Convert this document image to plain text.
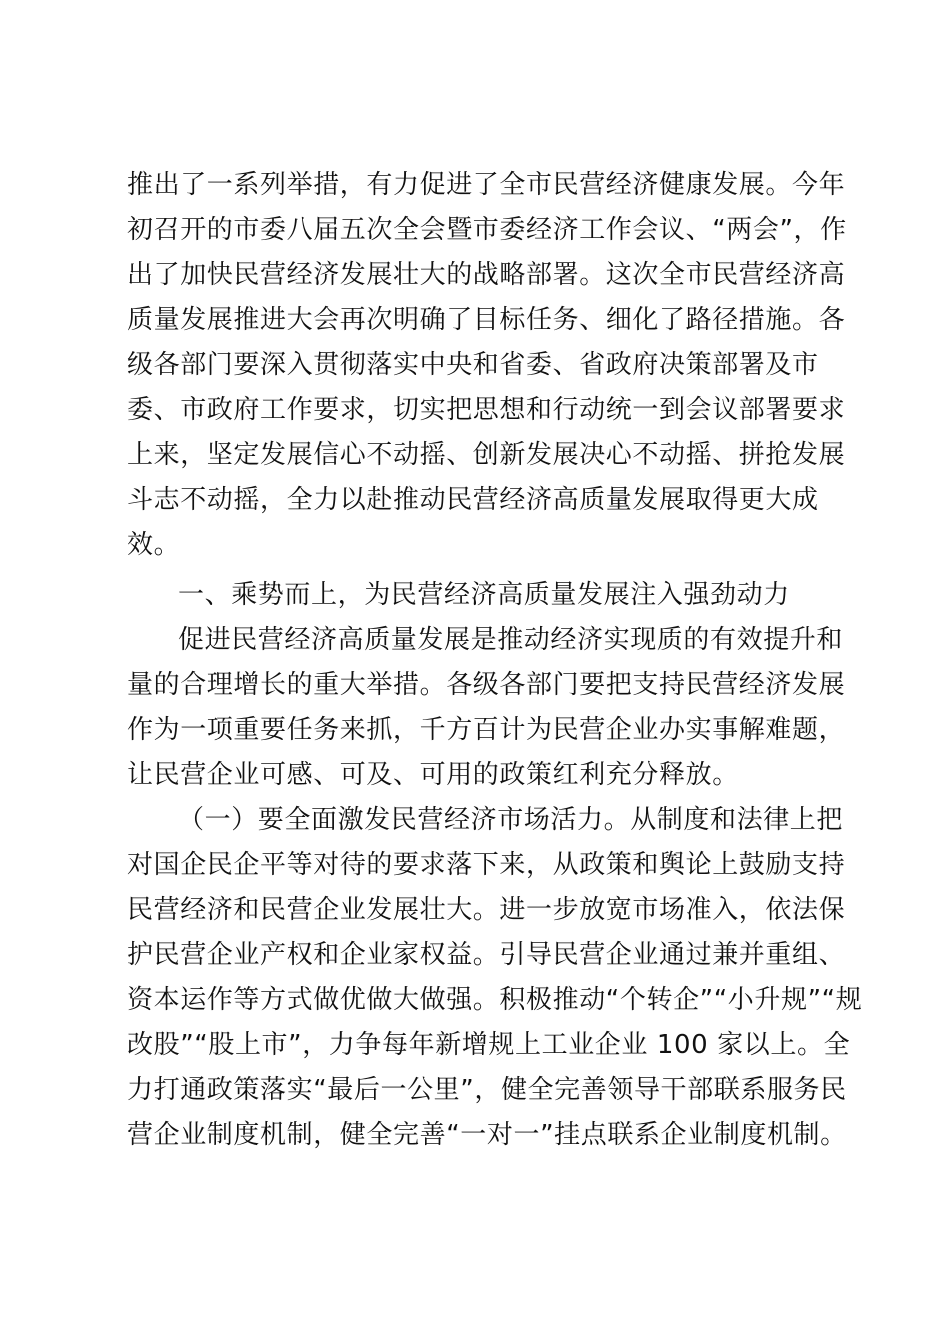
推出了一系列举措，有力促进了全市民营经济健康发展。今年
初召开的市委八届五次全会暨市委经济工作会议、“两会”，作
出了加快民营经济发展壮大的战略部署。这次全市民营经济高
质量发展推进大会再次明确了目标任务、细化了路径措施。各
级各部门要深入贯彻落实中央和省委、省政府决策部署及市
委、市政府工作要求，切实把思想和行动统一到会议部署要求
上来，坚定发展信心不动摇、创新发展决心不动摇、拼抢发展
斗志不动摇，全力以赴推动民营经济高质量发展取得更大成
效。
一、乘势而上，为民营经济高质量发展注入强劲动力
促进民营经济高质量发展是推动经济实现质的有效提升和
量的合理增长的重大举措。各级各部门要把支持民营经济发展
作为一项重要任务来抓，千方百计为民营企业办实事解难题，
让民营企业可感、可及、可用的政策红利充分释放。
（一）要全面激发民营经济市场活力。从制度和法律上把
对国企民企平等对待的要求落下来，从政策和舆论上鼓励支持
民营经济和民营企业发展壮大。进一步放宽市场准入，依法保
护民营企业产权和企业家权益。引导民营企业通过兼并重组、
资本运作等方式做优做大做强。积极推动“个转企”“小升规”“规
改股”“股上市”，力争每年新增规上工业企业 100 家以上。全
力打通政策落实“最后一公里”，健全完善领导干部联系服务民
营企业制度机制，健全完善“一对一”挂点联系企业制度机制。
